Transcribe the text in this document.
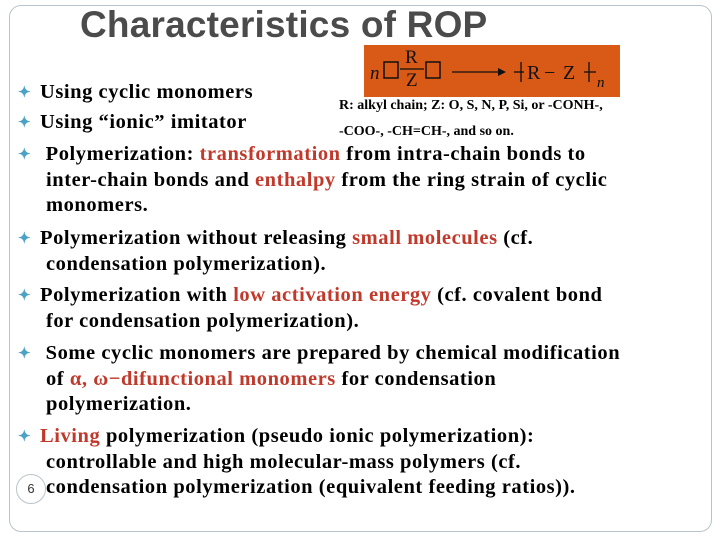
Characteristics of ROP
n
R
Z	R − Z n
R: alkyl chain; Z: O, S, N, P, Si, or -CONH-,
-COO-, -CH=CH-, and so on.
✦ Using cyclic monomers
✦ Using “ionic” imitator
✦ Polymerization: transformation from intra-chain bonds to
inter-chain bonds and enthalpy from the ring strain of cyclic
monomers.
✦ Polymerization without releasing small molecules (cf.
condensation polymerization).
✦ Polymerization with low activation energy (cf. covalent bond
for condensation polymerization).
✦ Some cyclic monomers are prepared by chemical modification
of α, ω−difunctional monomers for condensation
polymerization.
✦ Living polymerization (pseudo ionic polymerization):
controllable and high molecular-mass polymers (cf.
condensation polymerization (equivalent feeding ratios)).
6
